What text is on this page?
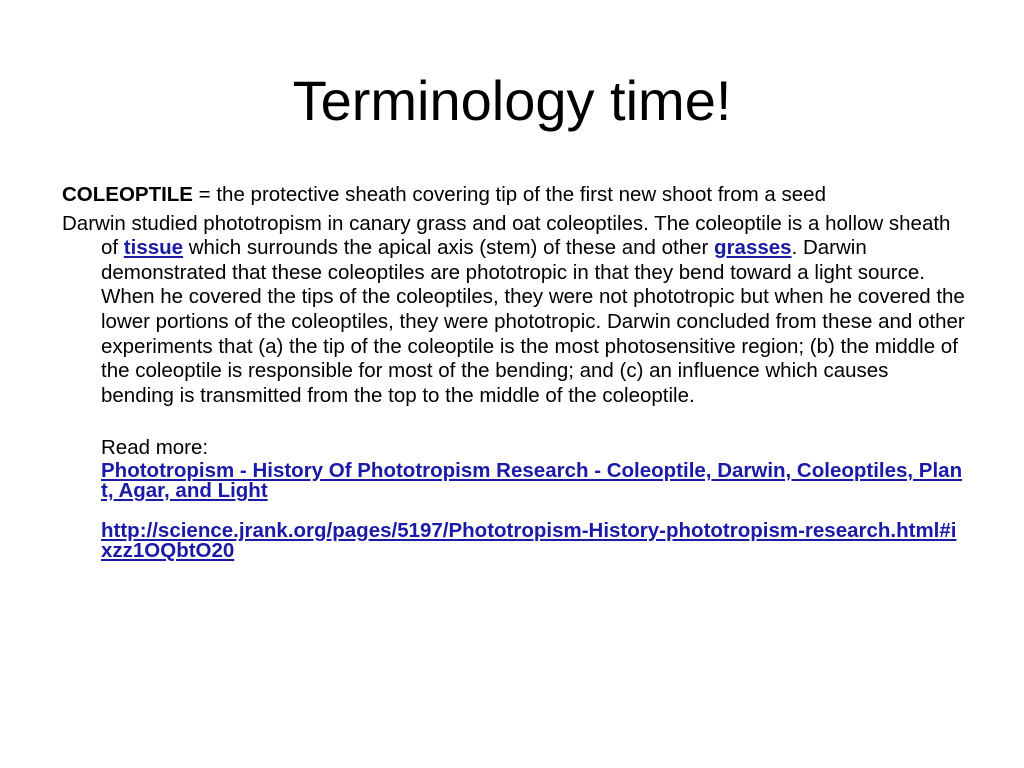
Terminology time!

COLEOPTILE = the protective sheath covering tip of the first new shoot from a seed

Darwin studied phototropism in canary grass and oat coleoptiles. The coleoptile is a hollow sheath of tissue which surrounds the apical axis (stem) of these and other grasses. Darwin demonstrated that these coleoptiles are phototropic in that they bend toward a light source. When he covered the tips of the coleoptiles, they were not phototropic but when he covered the lower portions of the coleoptiles, they were phototropic. Darwin concluded from these and other experiments that (a) the tip of the coleoptile is the most photosensitive region; (b) the middle of the coleoptile is responsible for most of the bending; and (c) an influence which causes bending is transmitted from the top to the middle of the coleoptile.

Read more:
Phototropism - History Of Phototropism Research - Coleoptile, Darwin, Coleoptiles, Plant, Agar, and Light
http://science.jrank.org/pages/5197/Phototropism-History-phototropism-research.html#ixzz1OQbtO20
